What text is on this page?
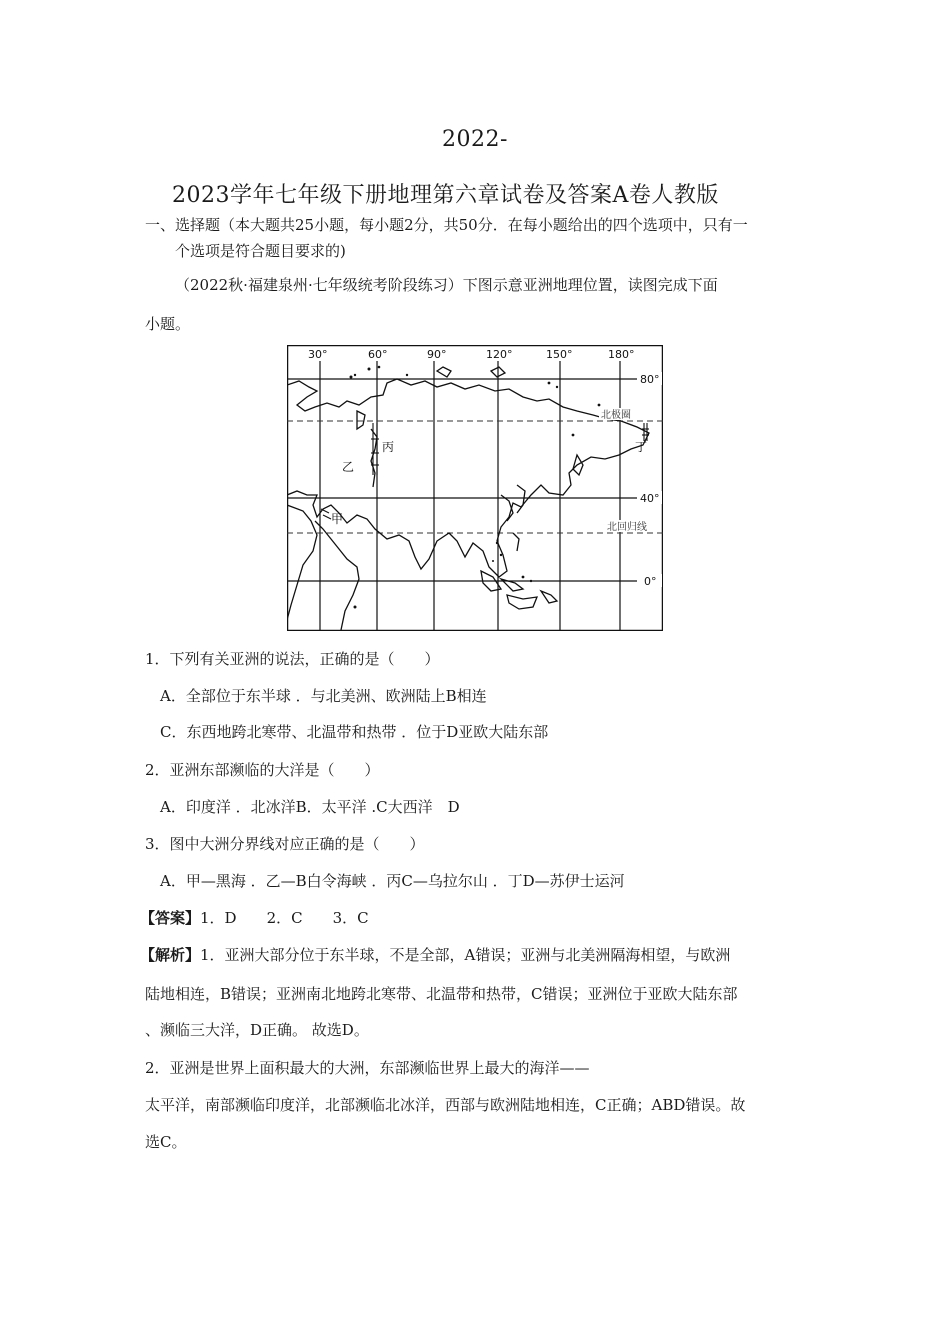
2022-
2023学年七年级下册地理第六章试卷及答案A卷人教版
一、选择题（本大题共25小题，每小题2分，共50分．在每小题给出的四个选项中，只有一
个选项是符合题目要求的)
（2022秋·福建泉州·七年级统考阶段练习）下图示意亚洲地理位置，读图完成下面
小题。
30°	60°	90°	120°	150°	180°
80°
40°
0°
北极圈
北回归线
甲
乙
丙	丁
1．下列有关亚洲的说法，正确的是（　　）
A．全部位于东半球 ．与北美洲、欧洲陆上B相连
C．东西地跨北寒带、北温带和热带 ．位于D亚欧大陆东部
2．亚洲东部濒临的大洋是（　　）
A．印度洋 ．北冰洋B．太平洋 .C大西洋　D
3．图中大洲分界线对应正确的是（　　）
A．甲—黑海 ．乙—B白令海峡 ．丙C—乌拉尔山 ．丁D—苏伊士运河
【答案】1．D　　2．C　　3．C
【解析】1．亚洲大部分位于东半球，不是全部，A错误；亚洲与北美洲隔海相望，与欧洲
陆地相连，B错误；亚洲南北地跨北寒带、北温带和热带，C错误；亚洲位于亚欧大陆东部
、濒临三大洋，D正确。 故选D。
2．亚洲是世界上面积最大的大洲，东部濒临世界上最大的海洋——
太平洋，南部濒临印度洋，北部濒临北冰洋，西部与欧洲陆地相连，C正确；ABD错误。故
选C。
